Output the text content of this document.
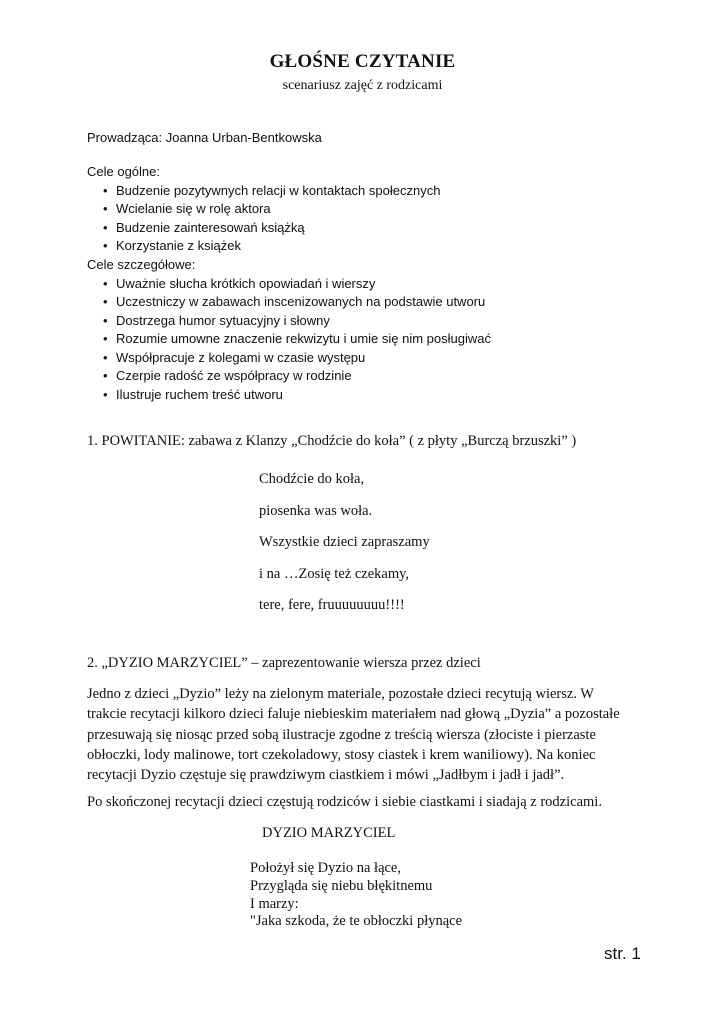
GŁOŚNE CZYTANIE
scenariusz zajęć z rodzicami
Prowadząca: Joanna Urban-Bentkowska
Cele ogólne:
• Budzenie pozytywnych relacji w kontaktach społecznych
• Wcielanie się w rolę aktora
• Budzenie zainteresowań książką
• Korzystanie z książek
Cele szczegółowe:
• Uważnie słucha krótkich opowiadań i wierszy
• Uczestniczy w zabawach inscenizowanych na podstawie utworu
• Dostrzega humor sytuacyjny i słowny
• Rozumie umowne znaczenie rekwizytu i umie się nim posługiwać
• Współpracuje z kolegami w czasie występu
• Czerpie radość ze współpracy w rodzinie
• Ilustruje ruchem treść utworu
1. POWITANIE: zabawa z Klanzy „Chodźcie do koła” ( z płyty „Burczą brzuszki” )
Chodźcie do koła,
piosenka was woła.
Wszystkie dzieci zapraszamy
i na …Zosię też czekamy,
tere, fere, fruuuuuuuu!!!!
2. „DYZIO MARZYCIEL” – zaprezentowanie wiersza przez dzieci
Jedno z dzieci „Dyzio” leży na zielonym materiale, pozostałe dzieci recytują wiersz. W
trakcie recytacji kilkoro dzieci faluje niebieskim materiałem nad głową „Dyzia” a pozostałe
przesuwają się niosąc przed sobą ilustracje zgodne z treścią wiersza (złociste i pierzaste
obłoczki, lody malinowe, tort czekoladowy, stosy ciastek i krem waniliowy). Na koniec
recytacji Dyzio częstuje się prawdziwym ciastkiem i mówi „Jadłbym i jadł i jadł”.
Po skończonej recytacji dzieci częstują rodziców i siebie ciastkami i siadają z rodzicami.
DYZIO MARZYCIEL
Położył się Dyzio na łące,
Przygląda się niebu błękitnemu
I marzy:
"Jaka szkoda, że te obłoczki płynące
str. 1
